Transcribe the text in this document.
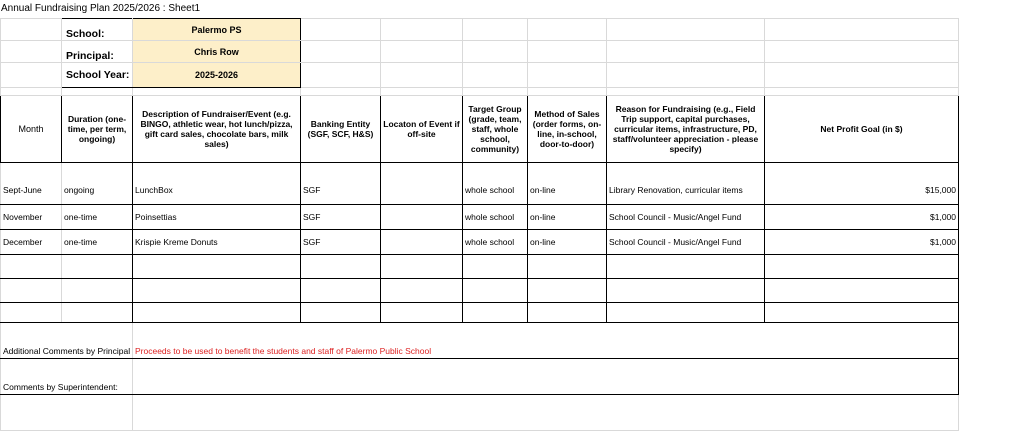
Annual Fundraising Plan 2025/2026 : Sheet1
	School:	Palermo PS						
	Principal:	Chris Row						
	School Year:	2025-2026						

Month	Duration (one-time, per term, ongoing)	Description of Fundraiser/Event (e.g. BINGO, athletic wear, hot lunch/pizza, gift card sales, chocolate bars, milk sales)	Banking Entity (SGF, SCF, H&S)	Locaton of Event if off-site	Target Group (grade, team, staff, whole school, community)	Method of Sales (order forms, on-line, in-school, door-to-door)	Reason for Fundraising (e.g., Field Trip support, capital purchases, curricular items, infrastructure, PD, staff/volunteer appreciation - please specify)	Net Profit Goal (in $)
Sept-June	ongoing	LunchBox	SGF		whole school	on-line	Library Renovation, curricular items	$15,000
November	one-time	Poinsettias	SGF		whole school	on-line	School Council - Music/Angel Fund	$1,000
December	one-time	Krispie Kreme Donuts	SGF		whole school	on-line	School Council - Music/Angel Fund	$1,000

Additional Comments by Principal		Proceeds to be used to benefit the students and staff of Palermo Public School						
Comments by Superintendent:								
